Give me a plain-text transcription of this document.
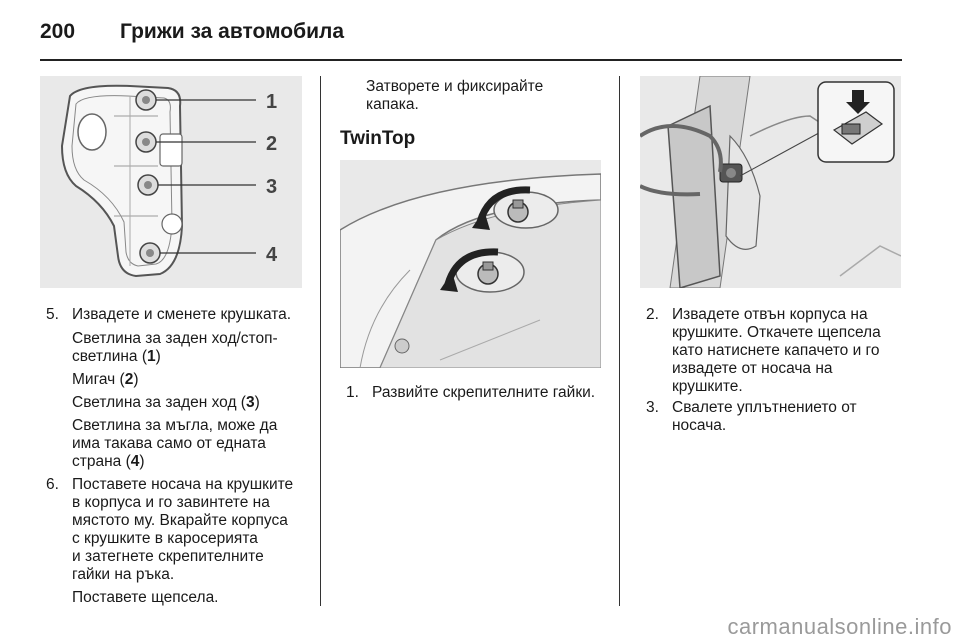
200 Грижи за автомобила
1
2
3
4
5. Извадете и сменете крушката.
Светлина за заден ход/стоп-
светлина (1)
Мигач (2)
Светлина за заден ход (3)
Светлина за мъгла, може да
има такава само от едната
страна (4)
6. Поставете носача на крушките
в корпуса и го завинтете на
мястото му. Вкарайте корпуса
с крушките в каросерията
и затегнете скрепителните
гайки на ръка.
Поставете щепсела.
Затворете и фиксирайте
капака.
TwinTop
1. Развийте скрепителните гайки.
2. Извадете отвън корпуса на
крушките. Откачете щепсела
като натиснете капачето и го
извадете от носача на
крушките.
3. Свалете уплътнението от
носача.
carmanualsonline.info
